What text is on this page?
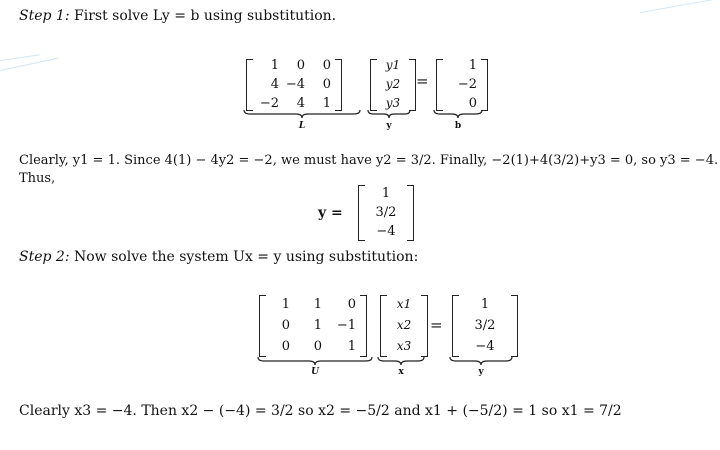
Step 1: First solve Ly = b using substitution.
1	0	0
4 −4	0
−2	4	1
L
y1
y2
y3
y
=
1
−2
0
b
Clearly, y1 = 1. Since 4(1) − 4y2 = −2, we must have y2 = 3/2. Finally, −2(1)+4(3/2)+y3 = 0, so y3 = −4.
Thus,
y =
1
3/2
−4
Step 2: Now solve the system Ux = y using substitution:
1	1	0
0	1	−1
0	0	1
U
x1
x2
x3
x
=
1
3/2
−4
y
Clearly x3 = −4. Then x2 − (−4) = 3/2 so x2 = −5/2 and x1 + (−5/2) = 1 so x1 = 7/2
